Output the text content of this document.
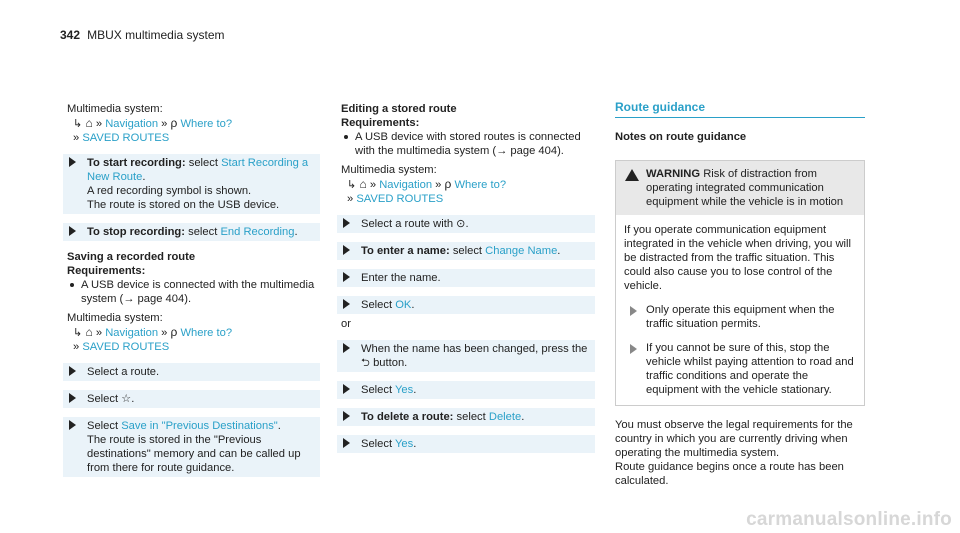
342 MBUX multimedia system

Multimedia system:

↳ ⌂ » Navigation » ρ Where to?

» SAVED ROUTES

To start recording: select Start Recording a New Route.

A red recording symbol is shown.

The route is stored on the USB device.

To stop recording: select End Recording.

Saving a recorded route

Requirements:

A USB device is connected with the multimedia system (→ page 404).

Multimedia system:

↳ ⌂ » Navigation » ρ Where to?

» SAVED ROUTES

Select a route.

Select ☆.

Select Save in "Previous Destinations".

The route is stored in the "Previous destinations" memory and can be called up from there for route guidance.

Editing a stored route

Requirements:

A USB device with stored routes is connected with the multimedia system (→ page 404).

Multimedia system:

↳ ⌂ » Navigation » ρ Where to?

» SAVED ROUTES

Select a route with ⊙.

To enter a name: select Change Name.

Enter the name.

Select OK.

or

When the name has been changed, press the ⮌ button.

Select Yes.

To delete a route: select Delete.

Select Yes.

Route guidance

Notes on route guidance

WARNING Risk of distraction from operating integrated communication equipment while the vehicle is in motion

If you operate communication equipment integrated in the vehicle when driving, you will be distracted from the traffic situation. This could also cause you to lose control of the vehicle.

Only operate this equipment when the traffic situation permits.

If you cannot be sure of this, stop the vehicle whilst paying attention to road and traffic conditions and operate the equipment with the vehicle stationary.

You must observe the legal requirements for the country in which you are currently driving when operating the multimedia system.

Route guidance begins once a route has been calculated.

carmanualsonline.info
